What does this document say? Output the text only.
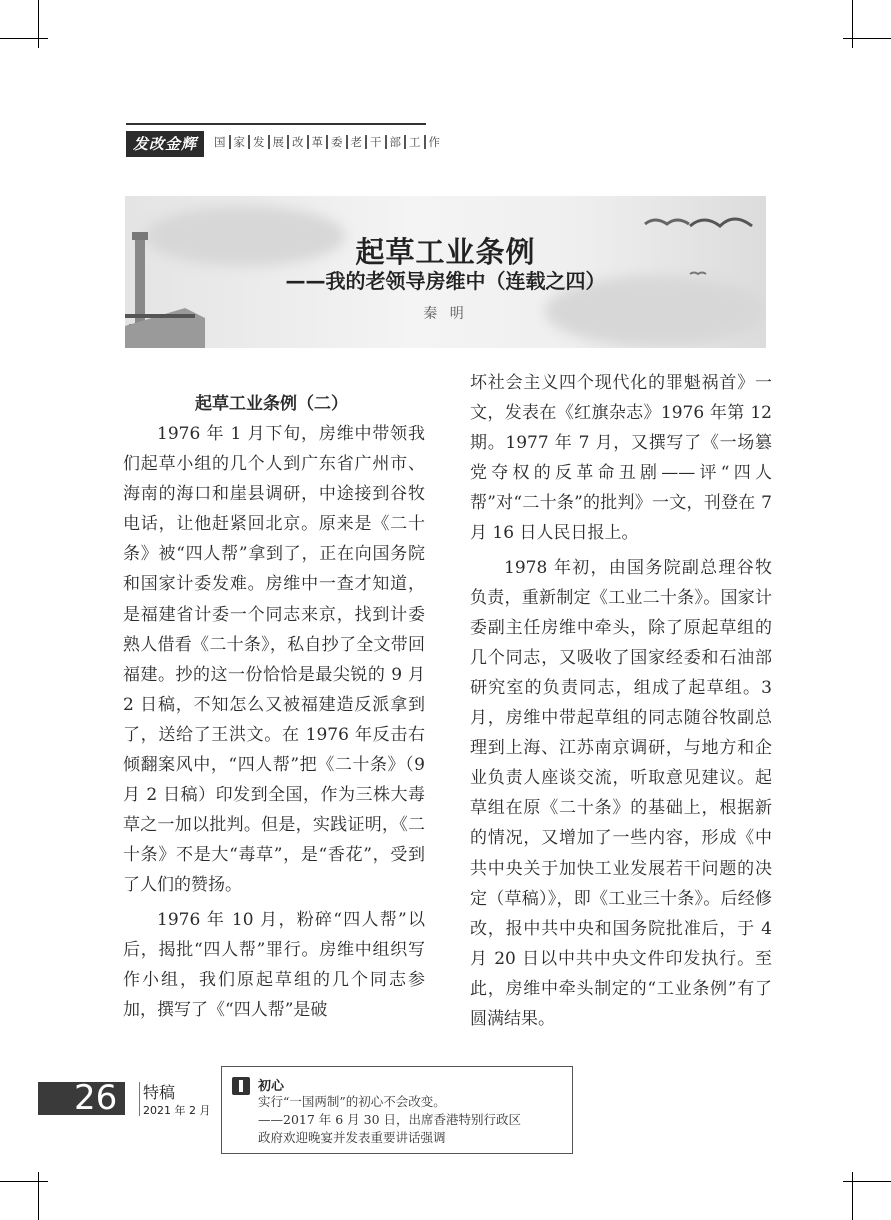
发改金辉	国 家 发 展 改 革 委 老 干 部 工 作
起草工业条例
——我的老领导房维中（连载之四）
秦 明

起草工业条例（二）

1976 年 1 月下旬，房维中带领我们起草小组的几个人到广东省广州市、海南的海口和崖县调研，中途接到谷牧电话，让他赶紧回北京。原来是《二十条》被“四人帮”拿到了，正在向国务院和国家计委发难。房维中一查才知道，是福建省计委一个同志来京，找到计委熟人借看《二十条》，私自抄了全文带回福建。抄的这一份恰恰是最尖锐的 9 月 2 日稿，不知怎么又被福建造反派拿到了，送给了王洪文。在 1976 年反击右倾翻案风中，“四人帮”把《二十条》（9 月 2 日稿）印发到全国，作为三株大毒草之一加以批判。但是，实践证明，《二十条》不是大“毒草”，是“香花”，受到了人们的赞扬。

1976 年 10 月，粉碎“四人帮”以后，揭批“四人帮”罪行。房维中组织写作小组，我们原起草组的几个同志参加，撰写了《“四人帮”是破

坏社会主义四个现代化的罪魁祸首》一文，发表在《红旗杂志》1976 年第 12 期。1977 年 7 月，又撰写了《一场篡党夺权的反革命丑剧——评“四人帮”对“二十条”的批判》一文，刊登在 7 月 16 日人民日报上。

1978 年初，由国务院副总理谷牧负责，重新制定《工业二十条》。国家计委副主任房维中牵头，除了原起草组的几个同志，又吸收了国家经委和石油部研究室的负责同志，组成了起草组。3 月，房维中带起草组的同志随谷牧副总理到上海、江苏南京调研，与地方和企业负责人座谈交流，听取意见建议。起草组在原《二十条》的基础上，根据新的情况，又增加了一些内容，形成《中共中央关于加快工业发展若干问题的决定（草稿）》，即《工业三十条》。后经修改，报中共中央和国务院批准后，于 4 月 20 日以中共中央文件印发执行。至此，房维中牵头制定的“工业条例”有了圆满结果。

26 特稿
2021 年 2 月
初心
实行“一国两制”的初心不会改变。
——2017 年 6 月 30 日，出席香港特别行政区
政府欢迎晚宴并发表重要讲话强调
